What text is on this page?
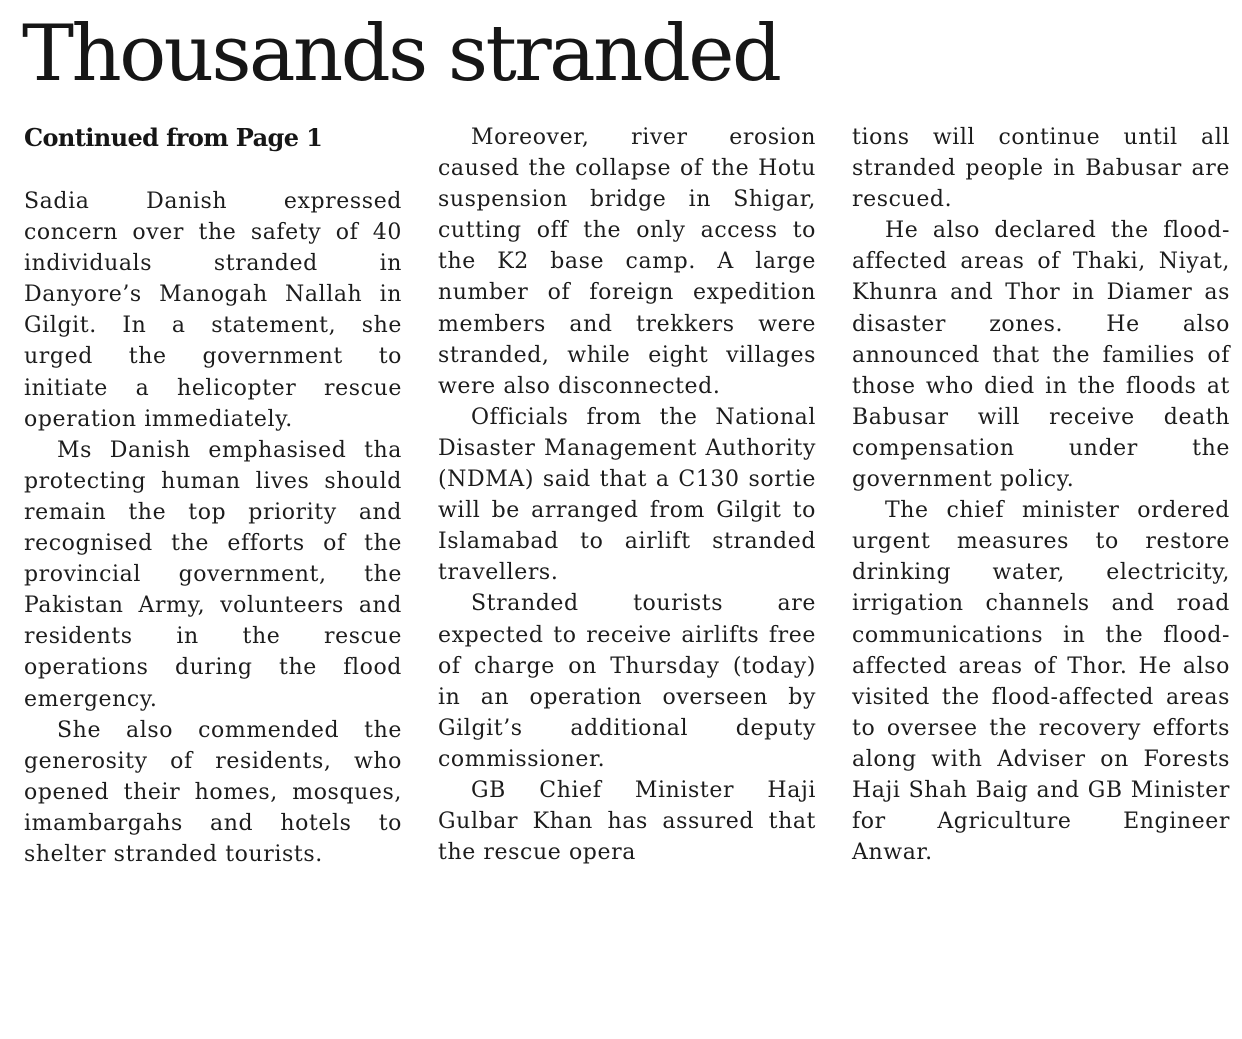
Thousands stranded
Continued from Page 1

Sadia Danish expressed concern over the safety of 40 individuals stranded in Danyore’s Manogah Nallah in Gilgit. In a statement, she urged the government to initiate a helicopter rescue operation immediately.

Ms Danish emphasised tha protecting human lives should remain the top priority and recognised the efforts of the provincial government, the Pakistan Army, volunteers and residents in the rescue operations during the flood emergency.

She also commended the generosity of residents, who opened their homes, mosques, imambargahs and hotels to shelter stranded tourists.

Moreover, river erosion caused the collapse of the Hotu suspension bridge in Shigar, cutting off the only access to the K2 base camp. A large number of foreign expedition members and trekkers were stranded, while eight villages were also disconnected.

Officials from the National Disaster Management Authority (NDMA) said that a C130 sortie will be arranged from Gilgit to Islamabad to airlift stranded travellers.

Stranded tourists are expected to receive airlifts free of charge on Thursday (today) in an operation overseen by Gilgit’s additional deputy commissioner.

GB Chief Minister Haji Gulbar Khan has assured that the rescue opera

tions will continue until all stranded people in Babusar are rescued.

He also declared the flood-affected areas of Thaki, Niyat, Khunra and Thor in Diamer as disaster zones. He also announced that the families of those who died in the floods at Babusar will receive death compensation under the government policy.

The chief minister ordered urgent measures to restore drinking water, electricity, irrigation channels and road communications in the flood-affected areas of Thor. He also visited the flood-affected areas to oversee the recovery efforts along with Adviser on Forests Haji Shah Baig and GB Minister for Agriculture Engineer Anwar.
